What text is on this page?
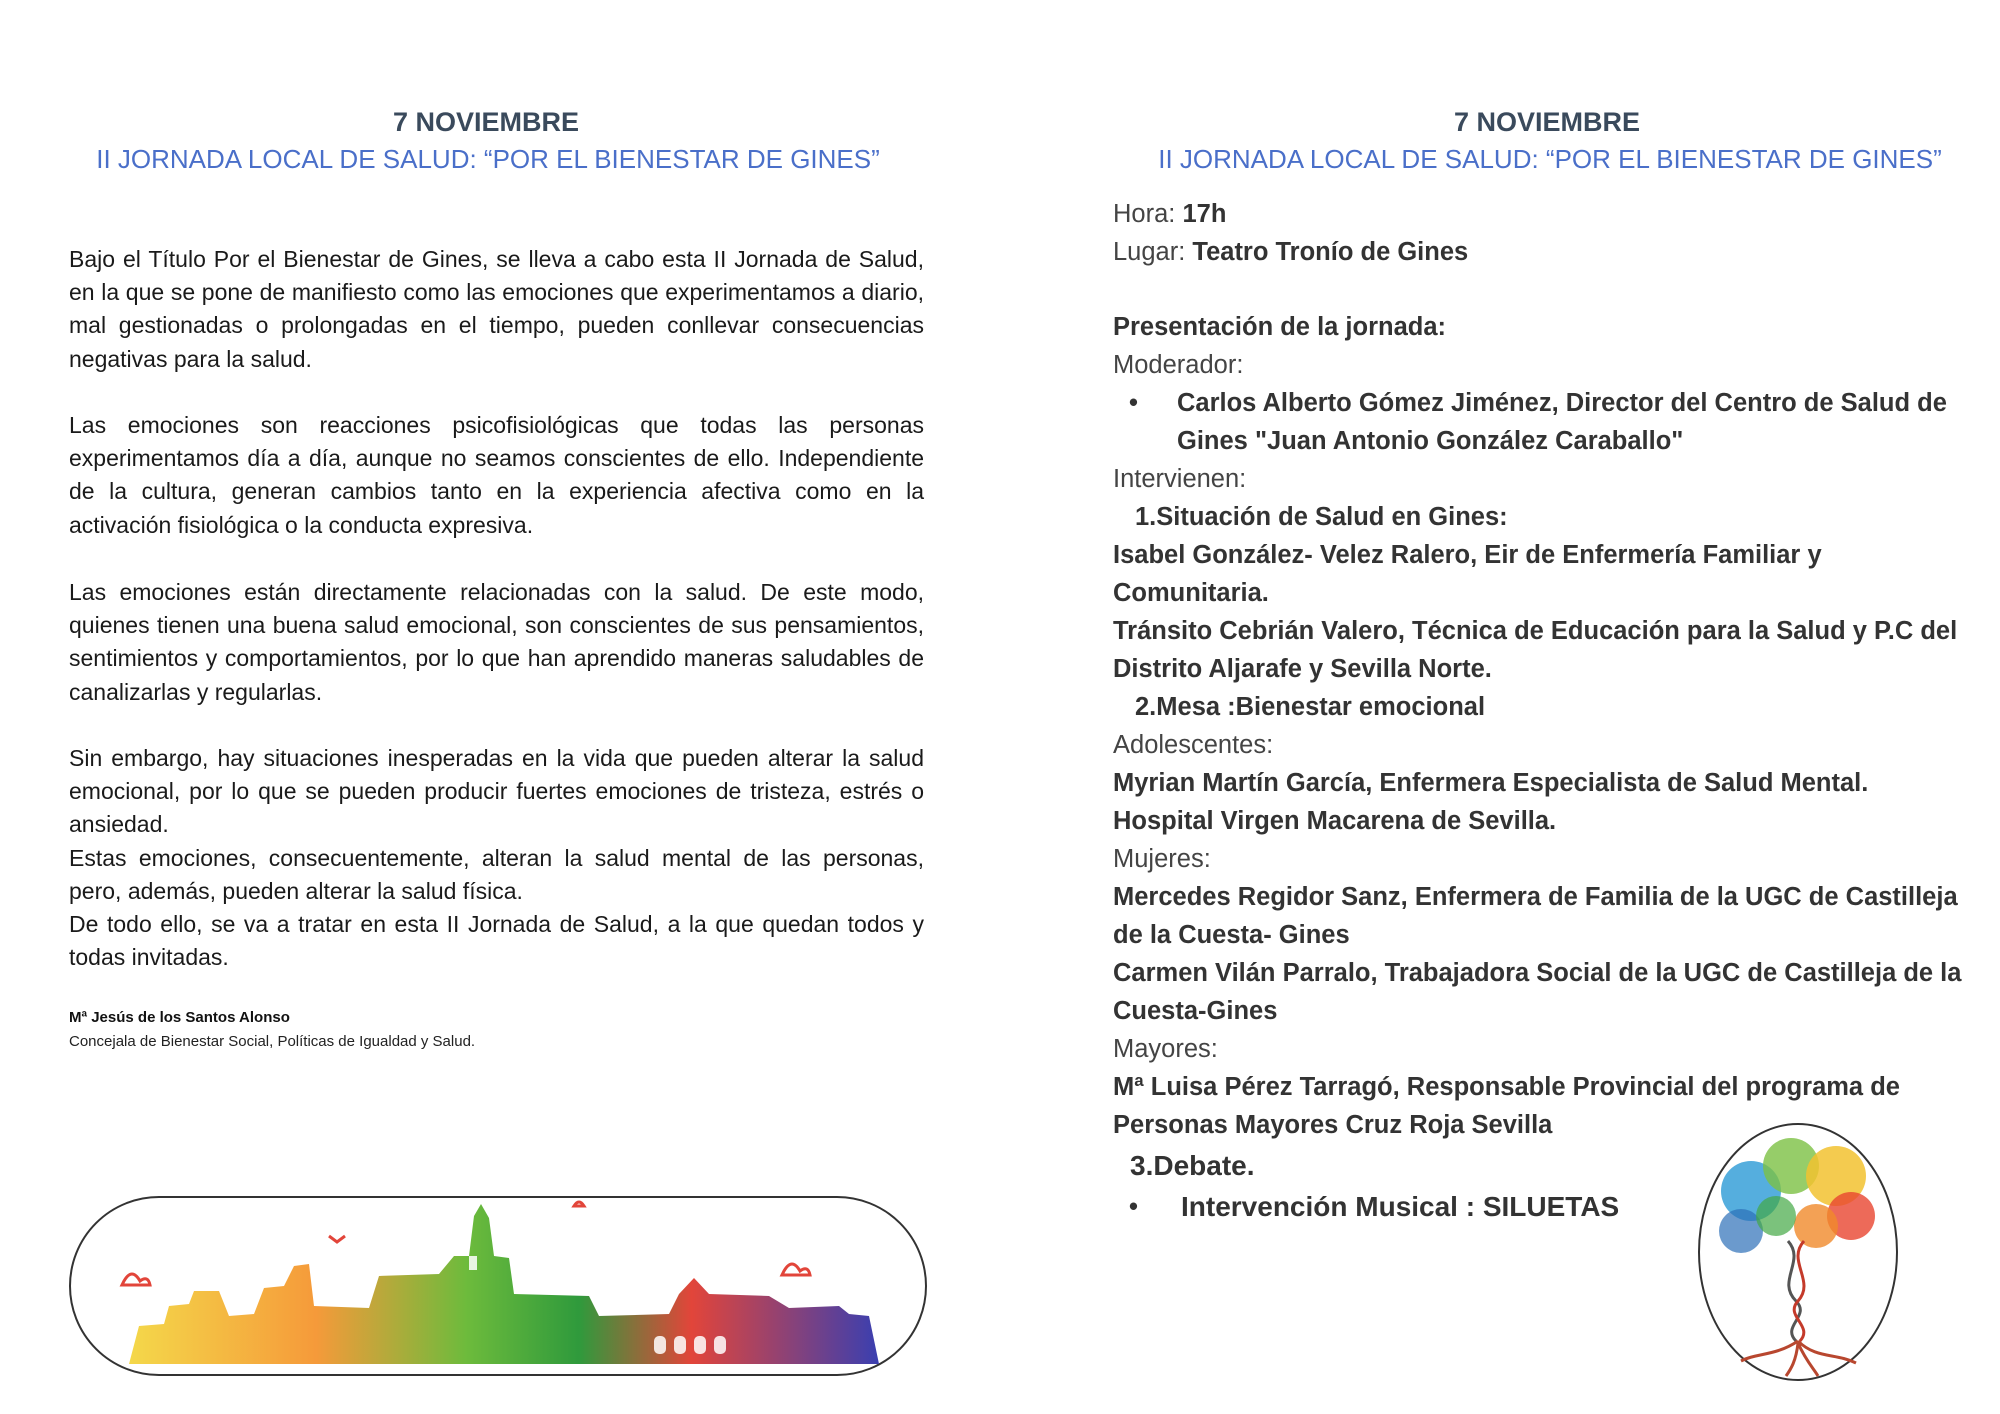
7 NOVIEMBRE
II JORNADA LOCAL DE SALUD: “POR EL BIENESTAR DE GINES”

Bajo el Título Por el Bienestar de Gines, se lleva a cabo esta II Jornada de Salud, en la que se pone de manifiesto como las emociones que experimentamos a diario, mal gestionadas o prolongadas en el tiempo, pueden conllevar consecuencias negativas para la salud.

Las emociones son reacciones psicofisiológicas que todas las personas experimentamos día a día, aunque no seamos conscientes de ello. Independiente de la cultura, generan cambios tanto en la experiencia afectiva como en la activación fisiológica o la conducta expresiva.

Las emociones están directamente relacionadas con la salud. De este modo, quienes tienen una buena salud emocional, son conscientes de sus pensamientos, sentimientos y comportamientos, por lo que han aprendido maneras saludables de canalizarlas y regularlas.

Sin embargo, hay situaciones inesperadas en la vida que pueden alterar la salud emocional, por lo que se pueden producir fuertes emociones de tristeza, estrés o ansiedad.

Estas emociones, consecuentemente, alteran la salud mental de las personas, pero, además, pueden alterar la salud física.

De todo ello, se va a tratar en esta II Jornada de Salud, a la que quedan todos y todas invitadas.

Mª Jesús de los Santos Alonso
Concejala de Bienestar Social, Políticas de Igualdad y Salud.
7 NOVIEMBRE
II JORNADA LOCAL DE SALUD: “POR EL BIENESTAR DE GINES”
Hora: 17h
Lugar: Teatro Tronío de Gines
Presentación de la jornada:
Moderador:
• Carlos Alberto Gómez Jiménez, Director del Centro de Salud de
Gines "Juan Antonio González Caraballo"
Intervienen:
1.Situación de Salud en Gines:
Isabel González- Velez Ralero, Eir de Enfermería Familiar y
Comunitaria.
Tránsito Cebrián Valero, Técnica de Educación para la Salud y P.C del
Distrito Aljarafe y Sevilla Norte.
2.Mesa :Bienestar emocional
Adolescentes:
Myrian Martín García, Enfermera Especialista de Salud Mental.
Hospital Virgen Macarena de Sevilla.
Mujeres:
Mercedes Regidor Sanz, Enfermera de Familia de la UGC de Castilleja
de la Cuesta- Gines
Carmen Vilán Parralo, Trabajadora Social de la UGC de Castilleja de la
Cuesta-Gines
Mayores:
Mª Luisa Pérez Tarragó, Responsable Provincial del programa de
Personas Mayores Cruz Roja Sevilla
3.Debate.
• Intervención Musical : SILUETAS
